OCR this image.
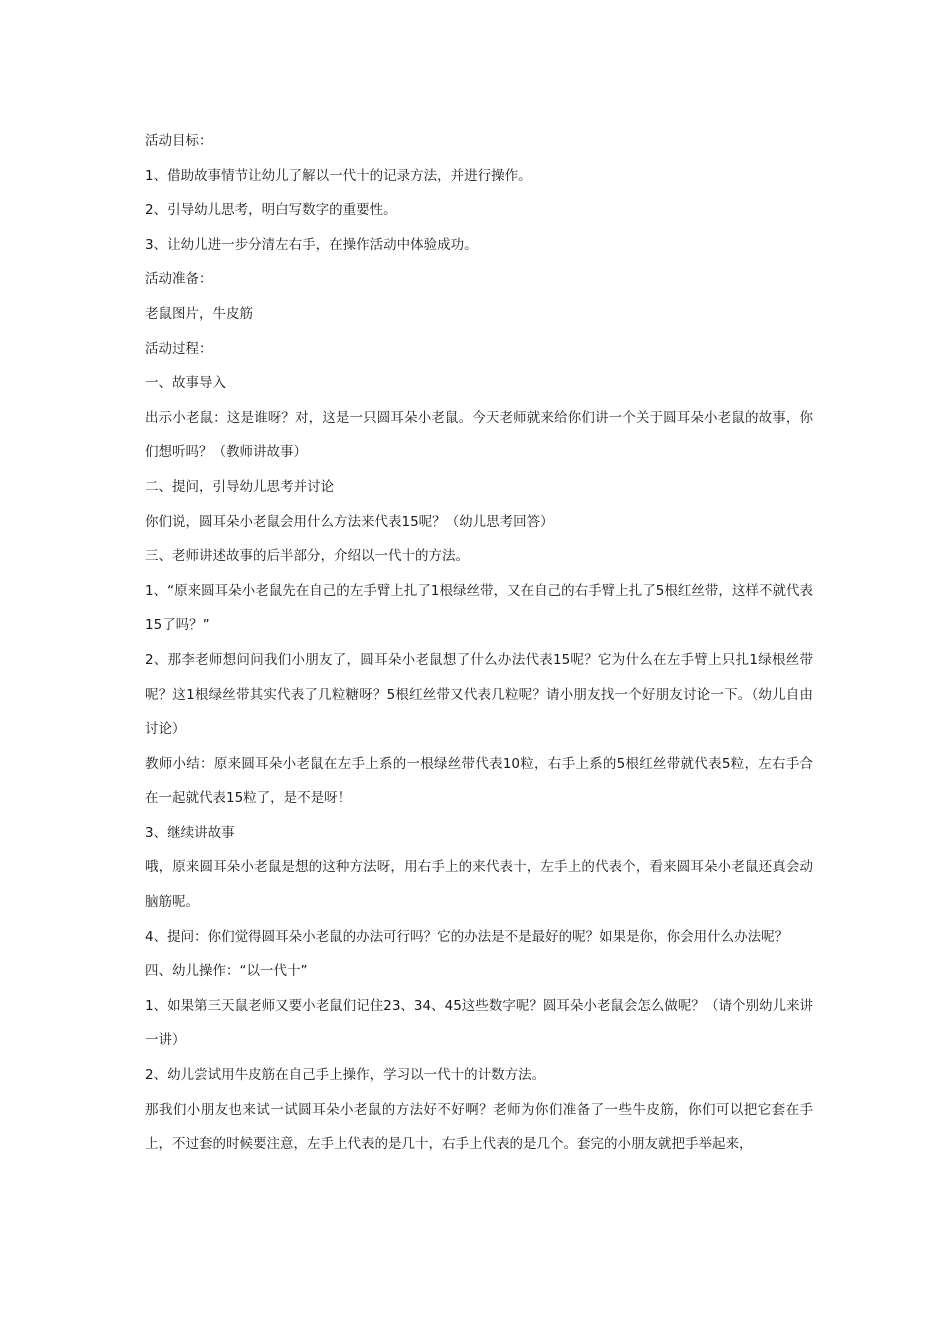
活动目标：

1、借助故事情节让幼儿了解以一代十的记录方法，并进行操作。

2、引导幼儿思考，明白写数字的重要性。

3、让幼儿进一步分清左右手，在操作活动中体验成功。

活动准备：

老鼠图片，牛皮筋

活动过程：

一、故事导入

出示小老鼠：这是谁呀？对，这是一只圆耳朵小老鼠。今天老师就来给你们讲一个关于圆耳朵小老鼠的故事，你们想听吗？（教师讲故事）

二、提问，引导幼儿思考并讨论

你们说，圆耳朵小老鼠会用什么方法来代表15呢？（幼儿思考回答）

三、老师讲述故事的后半部分，介绍以一代十的方法。

1、“原来圆耳朵小老鼠先在自己的左手臂上扎了1根绿丝带，又在自己的右手臂上扎了5根红丝带，这样不就代表15了吗？”

2、那李老师想问问我们小朋友了，圆耳朵小老鼠想了什么办法代表15呢？它为什么在左手臂上只扎1绿根丝带呢？这1根绿丝带其实代表了几粒糖呀？5根红丝带又代表几粒呢？请小朋友找一个好朋友讨论一下。（幼儿自由讨论）

教师小结：原来圆耳朵小老鼠在左手上系的一根绿丝带代表10粒，右手上系的5根红丝带就代表5粒，左右手合在一起就代表15粒了，是不是呀！

3、继续讲故事

哦，原来圆耳朵小老鼠是想的这种方法呀，用右手上的来代表十，左手上的代表个，看来圆耳朵小老鼠还真会动脑筋呢。

4、提问：你们觉得圆耳朵小老鼠的办法可行吗？它的办法是不是最好的呢？如果是你，你会用什么办法呢？

四、幼儿操作：“以一代十”

1、如果第三天鼠老师又要小老鼠们记住23、34、45这些数字呢？圆耳朵小老鼠会怎么做呢？（请个别幼儿来讲一讲）

2、幼儿尝试用牛皮筋在自己手上操作，学习以一代十的计数方法。

那我们小朋友也来试一试圆耳朵小老鼠的方法好不好啊？老师为你们准备了一些牛皮筋，你们可以把它套在手上，不过套的时候要注意，左手上代表的是几十，右手上代表的是几个。套完的小朋友就把手举起来，
